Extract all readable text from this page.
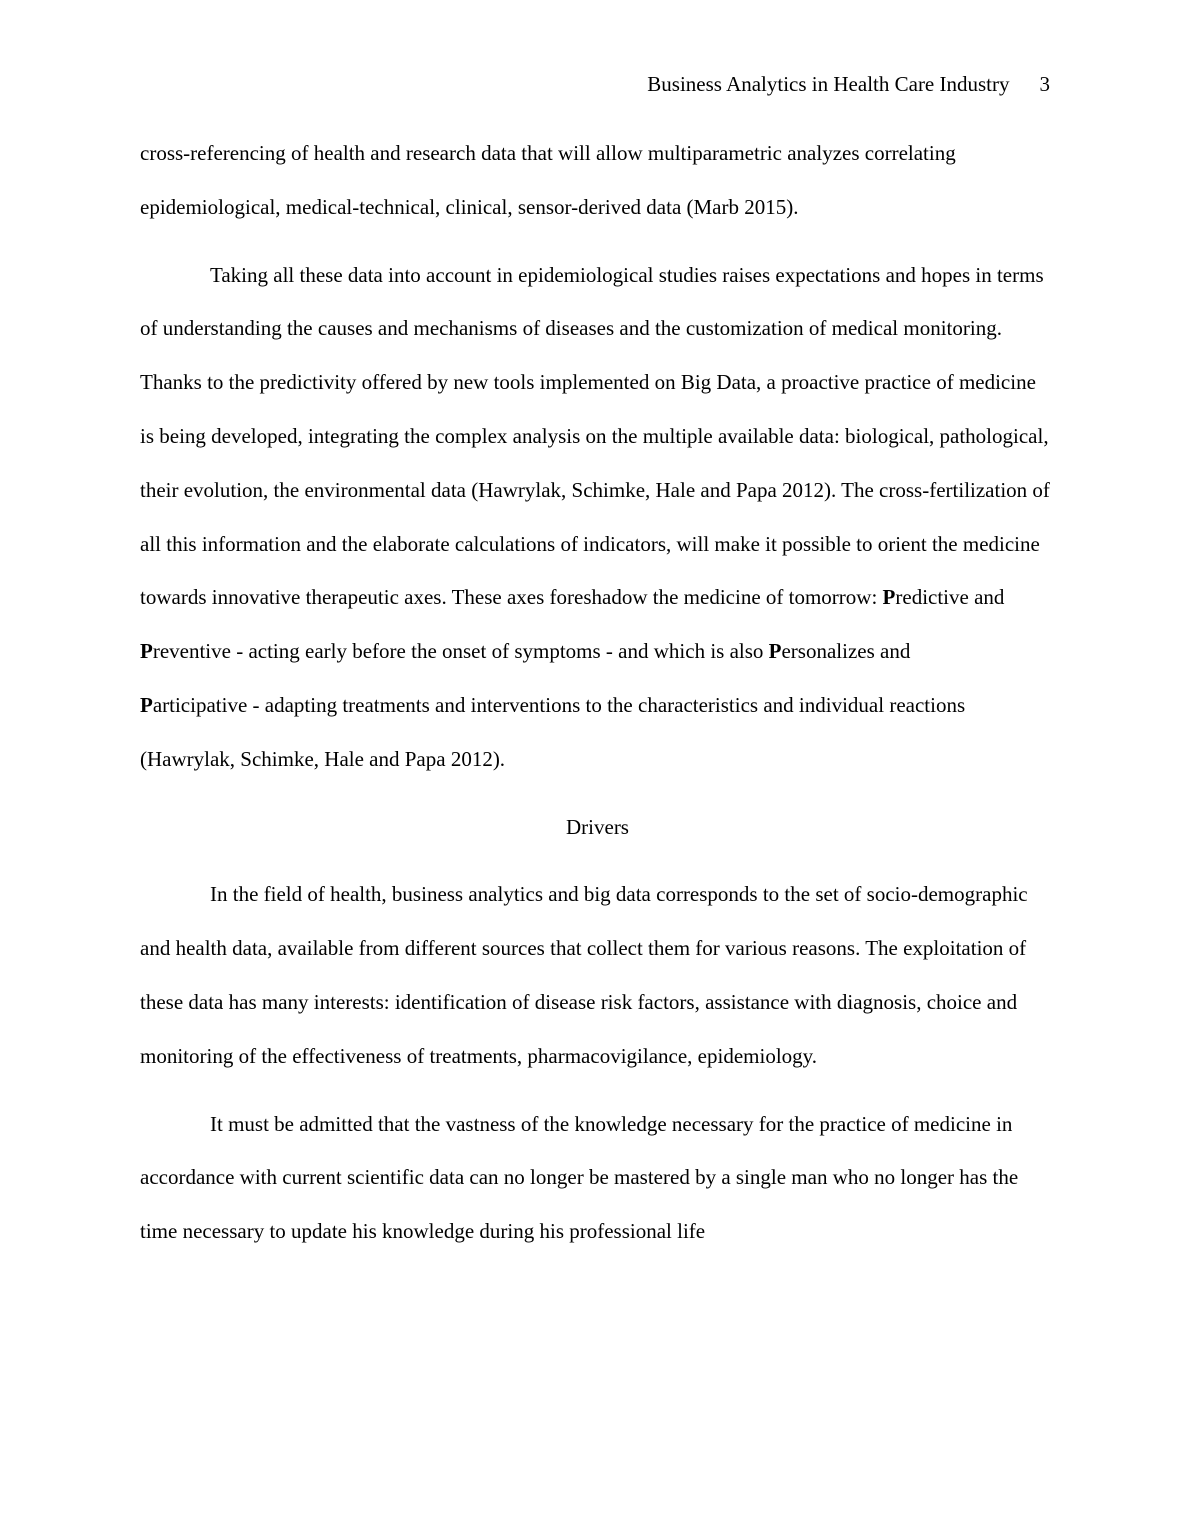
Business Analytics in Health Care Industry 3

cross-referencing of health and research data that will allow multiparametric analyzes correlating epidemiological, medical-technical, clinical, sensor-derived data (Marb 2015).

Taking all these data into account in epidemiological studies raises expectations and hopes in terms of understanding the causes and mechanisms of diseases and the customization of medical monitoring. Thanks to the predictivity offered by new tools implemented on Big Data, a proactive practice of medicine is being developed, integrating the complex analysis on the multiple available data: biological, pathological, their evolution, the environmental data (Hawrylak, Schimke, Hale and Papa 2012). The cross-fertilization of all this information and the elaborate calculations of indicators, will make it possible to orient the medicine towards innovative therapeutic axes. These axes foreshadow the medicine of tomorrow: Predictive and Preventive - acting early before the onset of symptoms - and which is also Personalizes and
Participative - adapting treatments and interventions to the characteristics and individual reactions (Hawrylak, Schimke, Hale and Papa 2012).

Drivers

In the field of health, business analytics and big data corresponds to the set of socio-demographic and health data, available from different sources that collect them for various reasons. The exploitation of these data has many interests: identification of disease risk factors, assistance with diagnosis, choice and monitoring of the effectiveness of treatments, pharmacovigilance, epidemiology.

It must be admitted that the vastness of the knowledge necessary for the practice of medicine in accordance with current scientific data can no longer be mastered by a single man who no longer has the time necessary to update his knowledge during his professional life
